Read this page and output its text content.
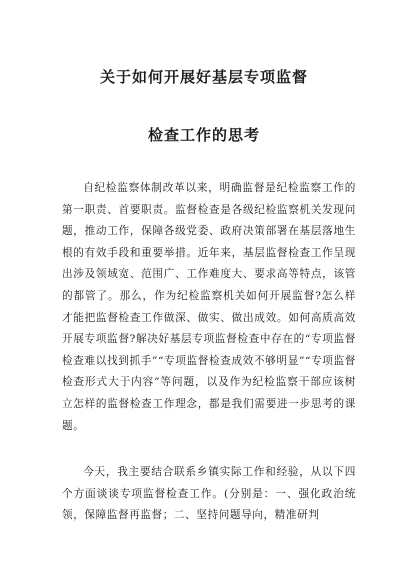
关于如何开展好基层专项监督
检查工作的思考
自纪检监察体制改革以来，明确监督是纪检监察工作的第一职责、首要职责。监督检查是各级纪检监察机关发现问题，推动工作，保障各级党委、政府决策部署在基层落地生根的有效手段和重要举措。近年来，基层监督检查工作呈现出涉及领域宽、范围广、工作难度大、要求高等特点，该管的都管了。那么，作为纪检监察机关如何开展监督?怎么样才能把监督检查工作做深、做实、做出成效。如何高质高效开展专项监督?解决好基层专项监督检查中存在的“专项监督检查难以找到抓手”“专项监督检查成效不够明显”“专项监督检查形式大于内容”等问题，以及作为纪检监察干部应该树立怎样的监督检查工作理念，都是我们需要进一步思考的课题。
今天，我主要结合联系乡镇实际工作和经验，从以下四个方面谈谈专项监督检查工作。(分别是：一、强化政治统领，保障监督再监督；二、坚持问题导向，精准研判
